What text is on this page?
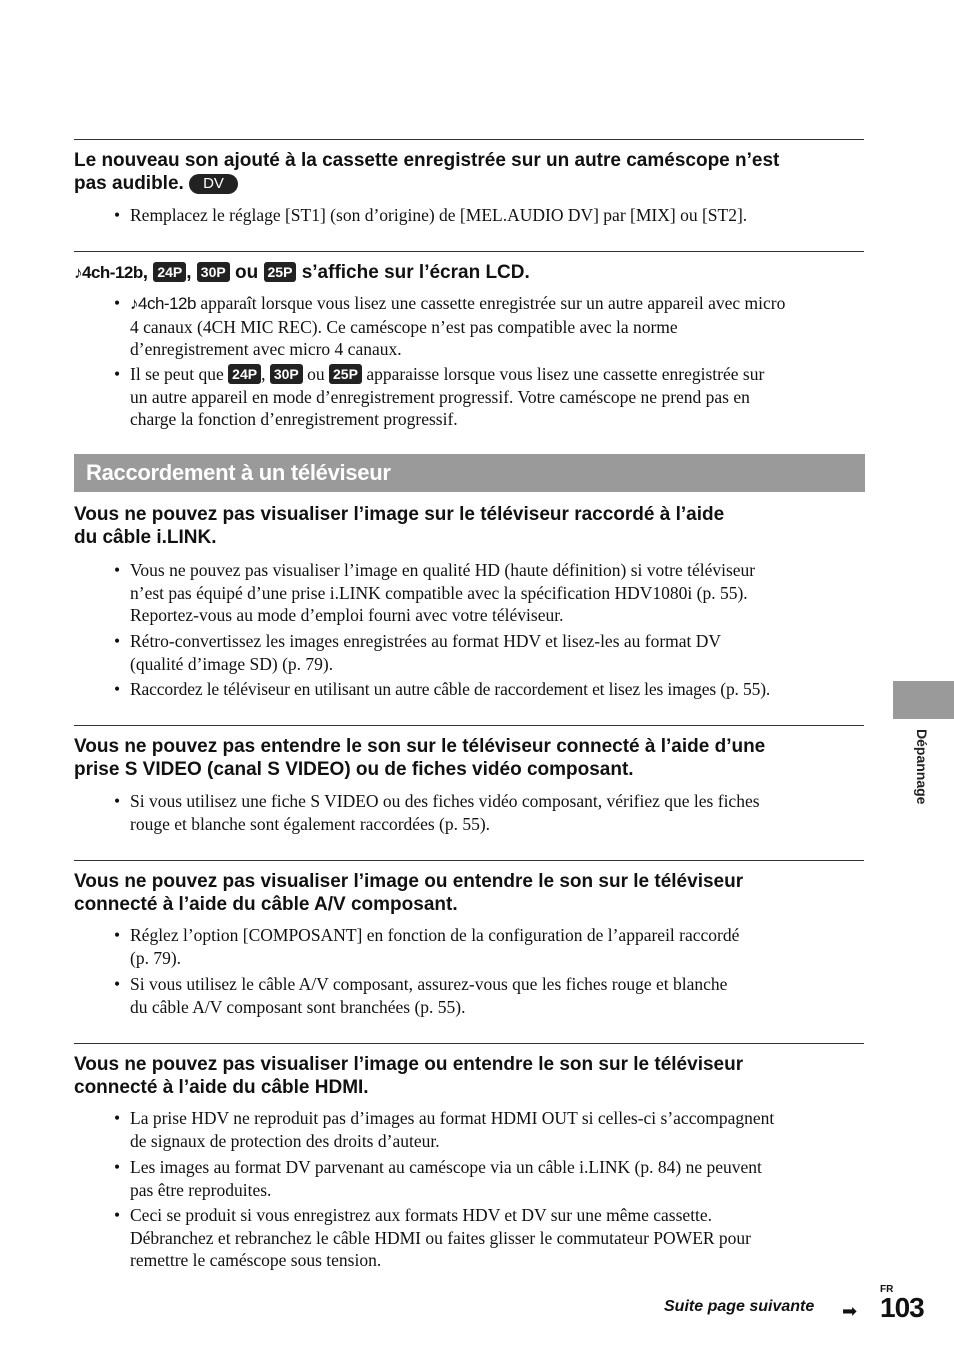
Le nouveau son ajouté à la cassette enregistrée sur un autre caméscope n’est
pas audible. DV
• Remplacez le réglage [ST1] (son d’origine) de [MEL.AUDIO DV] par [MIX] ou [ST2].
♪4ch-12b, 24P , 30P ou 25P s’affiche sur l’écran LCD.
• ♪4ch-12b apparaît lorsque vous lisez une cassette enregistrée sur un autre appareil avec micro
4 canaux (4CH MIC REC). Ce caméscope n’est pas compatible avec la norme
d’enregistrement avec micro 4 canaux.
• Il se peut que 24P , 30P ou 25P apparaisse lorsque vous lisez une cassette enregistrée sur
un autre appareil en mode d’enregistrement progressif. Votre caméscope ne prend pas en
charge la fonction d’enregistrement progressif.
Raccordement à un téléviseur
Vous ne pouvez pas visualiser l’image sur le téléviseur raccordé à l’aide
du câble i.LINK.
• Vous ne pouvez pas visualiser l’image en qualité HD (haute définition) si votre téléviseur
n’est pas équipé d’une prise i.LINK compatible avec la spécification HDV1080i (p. 55).
Reportez-vous au mode d’emploi fourni avec votre téléviseur.
• Rétro-convertissez les images enregistrées au format HDV et lisez-les au format DV
(qualité d’image SD) (p. 79).
• Raccordez le téléviseur en utilisant un autre câble de raccordement et lisez les images (p. 55).
Vous ne pouvez pas entendre le son sur le téléviseur connecté à l’aide d’une
prise S VIDEO (canal S VIDEO) ou de fiches vidéo composant.
• Si vous utilisez une fiche S VIDEO ou des fiches vidéo composant, vérifiez que les fiches
rouge et blanche sont également raccordées (p. 55).
Vous ne pouvez pas visualiser l’image ou entendre le son sur le téléviseur
connecté à l’aide du câble A/V composant.
• Réglez l’option [COMPOSANT] en fonction de la configuration de l’appareil raccordé
(p. 79).
• Si vous utilisez le câble A/V composant, assurez-vous que les fiches rouge et blanche
du câble A/V composant sont branchées (p. 55).
Vous ne pouvez pas visualiser l’image ou entendre le son sur le téléviseur
connecté à l’aide du câble HDMI.
• La prise HDV ne reproduit pas d’images au format HDMI OUT si celles-ci s’accompagnent
de signaux de protection des droits d’auteur.
• Les images au format DV parvenant au caméscope via un câble i.LINK (p. 84) ne peuvent
pas être reproduites.
• Ceci se produit si vous enregistrez aux formats HDV et DV sur une même cassette.
Débranchez et rebranchez le câble HDMI ou faites glisser le commutateur POWER pour
remettre le caméscope sous tension.
Dépannage
Suite page suivante ➡
FR
103
